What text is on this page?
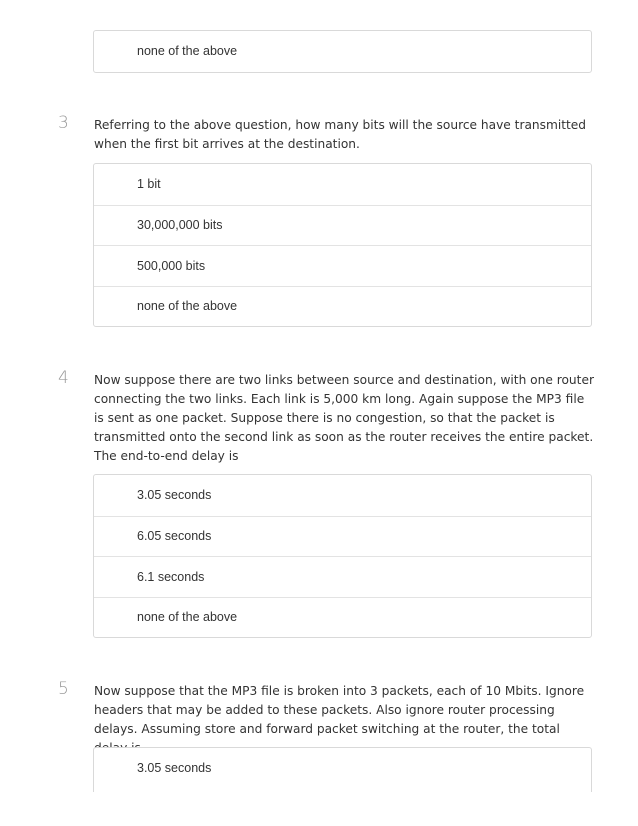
none of the above
3 Referring to the above question, how many bits will the source have transmitted when the first bit arrives at the destination.
1 bit
30,000,000 bits
500,000 bits
none of the above
4 Now suppose there are two links between source and destination, with one router connecting the two links. Each link is 5,000 km long. Again suppose the MP3 file is sent as one packet. Suppose there is no congestion, so that the packet is transmitted onto the second link as soon as the router receives the entire packet. The end-to-end delay is
3.05 seconds
6.05 seconds
6.1 seconds
none of the above
5 Now suppose that the MP3 file is broken into 3 packets, each of 10 Mbits. Ignore headers that may be added to these packets. Also ignore router processing delays. Assuming store and forward packet switching at the router, the total
3.05 seconds
